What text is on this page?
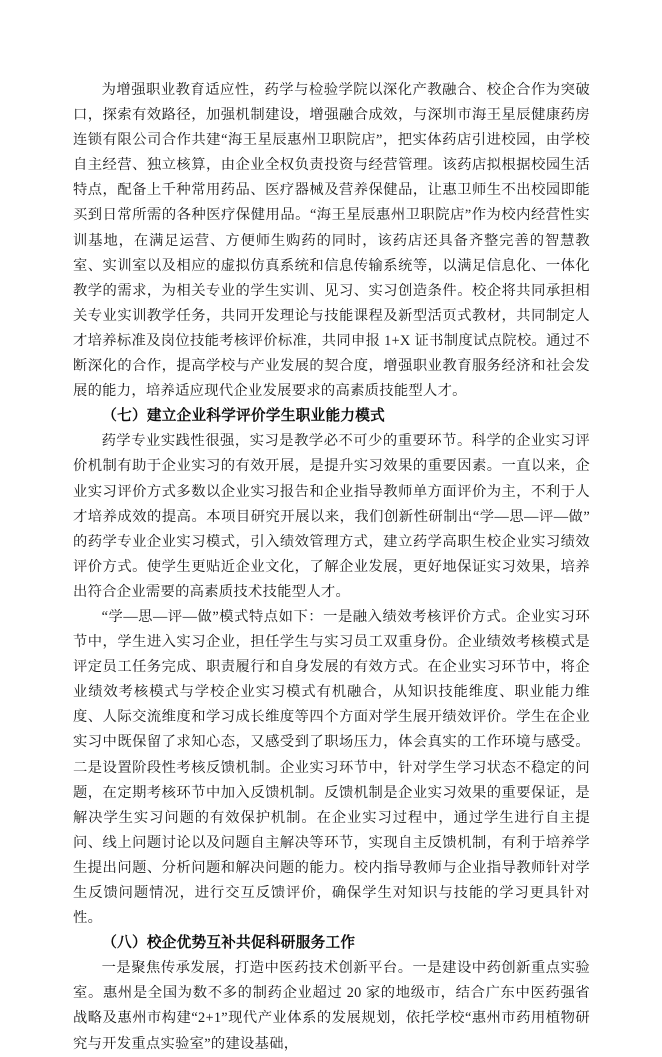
为增强职业教育适应性，药学与检验学院以深化产教融合、校企合作为突破口，探索有效路径，加强机制建设，增强融合成效，与深圳市海王星辰健康药房连锁有限公司合作共建“海王星辰惠州卫职院店”，把实体药店引进校园，由学校自主经营、独立核算，由企业全权负责投资与经营管理。该药店拟根据校园生活特点，配备上千种常用药品、医疗器械及营养保健品，让惠卫师生不出校园即能买到日常所需的各种医疗保健用品。“海王星辰惠州卫职院店”作为校内经营性实训基地，在满足运营、方便师生购药的同时，该药店还具备齐整完善的智慧教室、实训室以及相应的虚拟仿真系统和信息传输系统等，以满足信息化、一体化教学的需求，为相关专业的学生实训、见习、实习创造条件。校企将共同承担相关专业实训教学任务，共同开发理论与技能课程及新型活页式教材，共同制定人才培养标准及岗位技能考核评价标准，共同申报 1+X 证书制度试点院校。通过不断深化的合作，提高学校与产业发展的契合度，增强职业教育服务经济和社会发展的能力，培养适应现代企业发展要求的高素质技能型人才。

（七）建立企业科学评价学生职业能力模式

药学专业实践性很强，实习是教学必不可少的重要环节。科学的企业实习评价机制有助于企业实习的有效开展，是提升实习效果的重要因素。一直以来，企业实习评价方式多数以企业实习报告和企业指导教师单方面评价为主，不利于人才培养成效的提高。本项目研究开展以来，我们创新性研制出“学—思—评—做”的药学专业企业实习模式，引入绩效管理方式，建立药学高职生校企业实习绩效评价方式。使学生更贴近企业文化，了解企业发展，更好地保证实习效果，培养出符合企业需要的高素质技术技能型人才。

“学—思—评—做”模式特点如下：一是融入绩效考核评价方式。企业实习环节中，学生进入实习企业，担任学生与实习员工双重身份。企业绩效考核模式是评定员工任务完成、职责履行和自身发展的有效方式。在企业实习环节中，将企业绩效考核模式与学校企业实习模式有机融合，从知识技能维度、职业能力维度、人际交流维度和学习成长维度等四个方面对学生展开绩效评价。学生在企业实习中既保留了求知心态，又感受到了职场压力，体会真实的工作环境与感受。二是设置阶段性考核反馈机制。企业实习环节中，针对学生学习状态不稳定的问题，在定期考核环节中加入反馈机制。反馈机制是企业实习效果的重要保证，是解决学生实习问题的有效保护机制。在企业实习过程中，通过学生进行自主提问、线上问题讨论以及问题自主解决等环节，实现自主反馈机制，有利于培养学生提出问题、分析问题和解决问题的能力。校内指导教师与企业指导教师针对学生反馈问题情况，进行交互反馈评价，确保学生对知识与技能的学习更具针对性。

（八）校企优势互补共促科研服务工作

一是聚焦传承发展，打造中医药技术创新平台。一是建设中药创新重点实验室。惠州是全国为数不多的制药企业超过 20 家的地级市，结合广东中医药强省战略及惠州市构建“2+1”现代产业体系的发展规划，依托学校“惠州市药用植物研究与开发重点实验室”的建设基础，
